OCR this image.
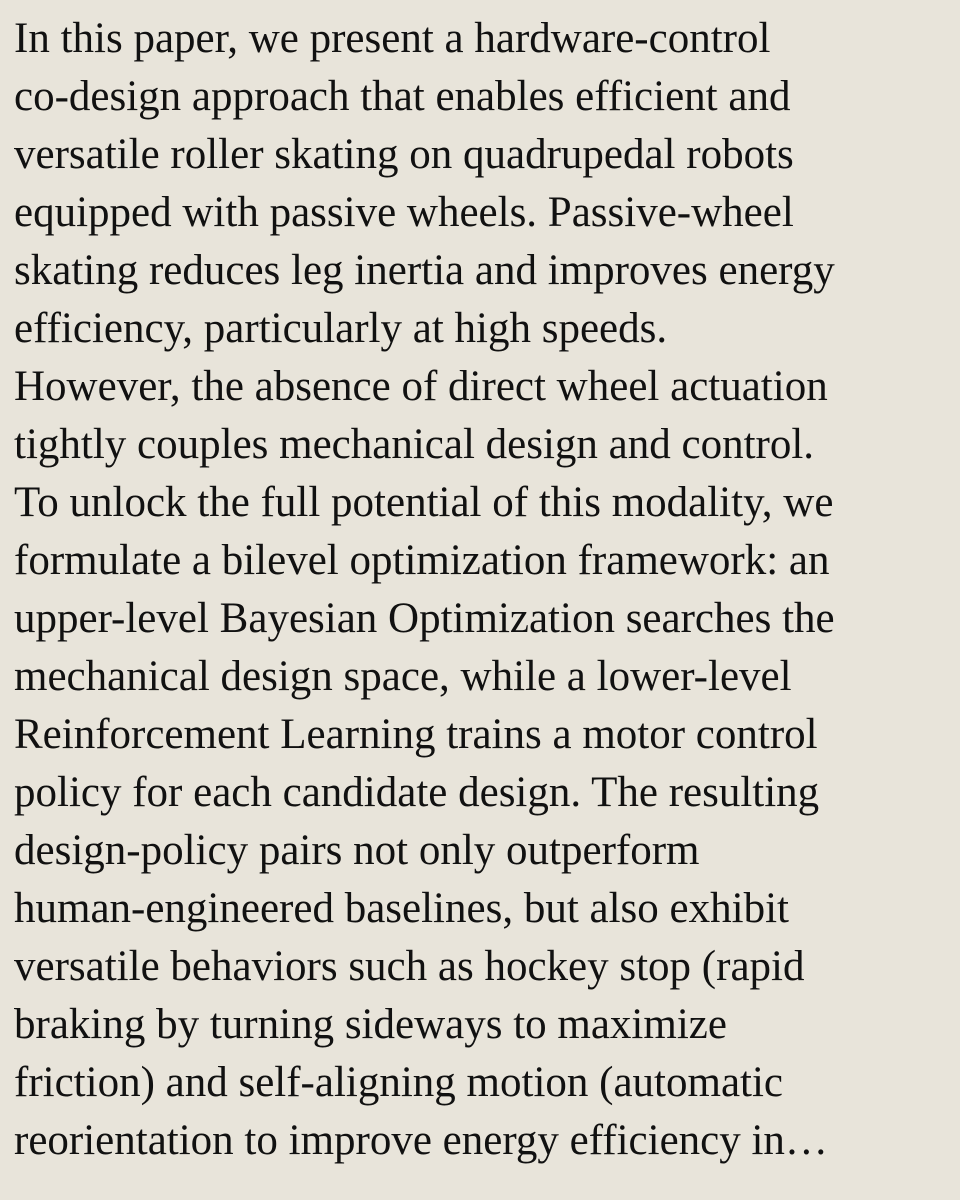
In this paper, we present a hardware-control
co-design approach that enables efficient and
versatile roller skating on quadrupedal robots
equipped with passive wheels. Passive-wheel
skating reduces leg inertia and improves energy
efficiency, particularly at high speeds.
However, the absence of direct wheel actuation
tightly couples mechanical design and control.
To unlock the full potential of this modality, we
formulate a bilevel optimization framework: an
upper-level Bayesian Optimization searches the
mechanical design space, while a lower-level
Reinforcement Learning trains a motor control
policy for each candidate design. The resulting
design-policy pairs not only outperform
human-engineered baselines, but also exhibit
versatile behaviors such as hockey stop (rapid
braking by turning sideways to maximize
friction) and self-aligning motion (automatic
reorientation to improve energy efficiency in…
